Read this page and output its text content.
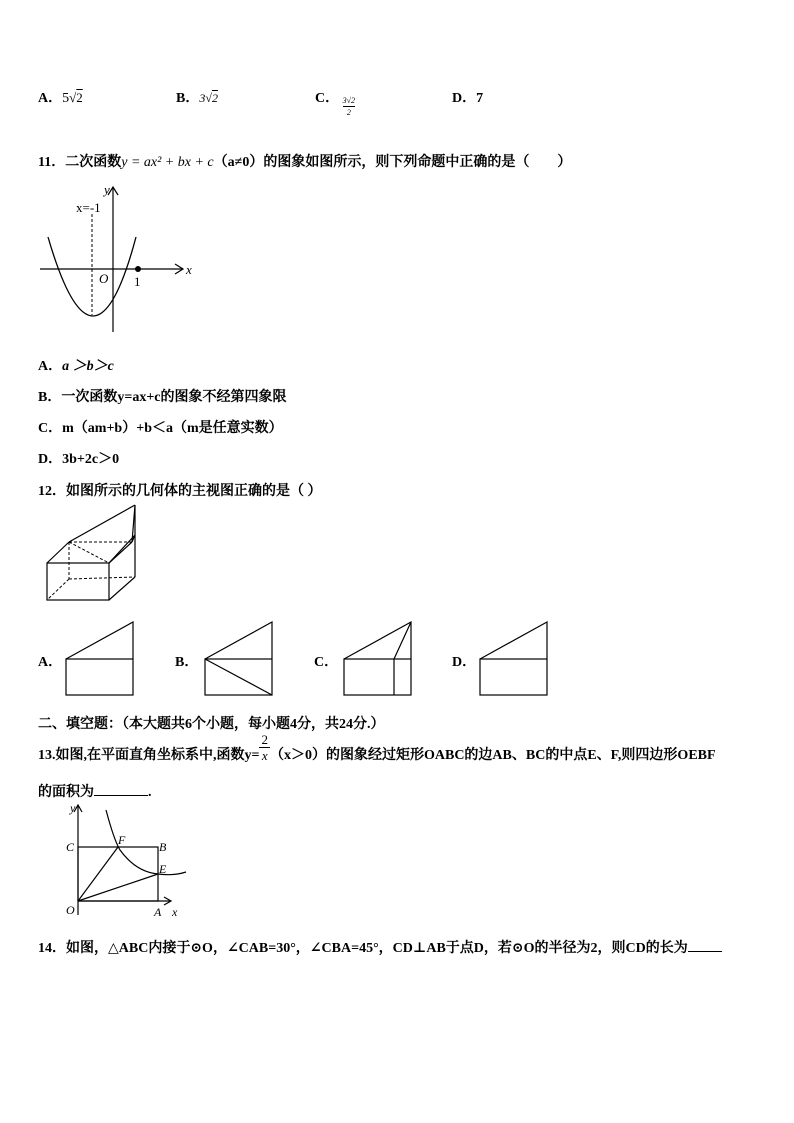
A．5√2	B．3√2	C． $\frac{3√2}{2}$	D．7
11．二次函数y = ax² + bx + c（a≠0）的图象如图所示，则下列命题中正确的是（　　）
x=-1
y
x
O 1
A．a ＞b＞c
B．一次函数y=ax+c的图象不经第四象限
C．m（am+b）+b＜a（m是任意实数）
D．3b+2c＞0
12．如图所示的几何体的主视图正确的是（ ）
A．	B．	C．	D．
二、填空题：（本大题共6个小题，每小题4分，共24分.）
13.如图,在平面直角坐标系中,函数$y= \frac{2}{x} (x>0)$的图象经过矩形OABC的边AB、BC的中点E、F,则四边形OEBF
的面积为	.
y
C	F	B
E
O	A x
14．如图，△ABC内接于⊙O，∠CAB=30°，∠CBA=45°，CD⊥AB于点D，若⊙O的半径为2，则CD的长为
